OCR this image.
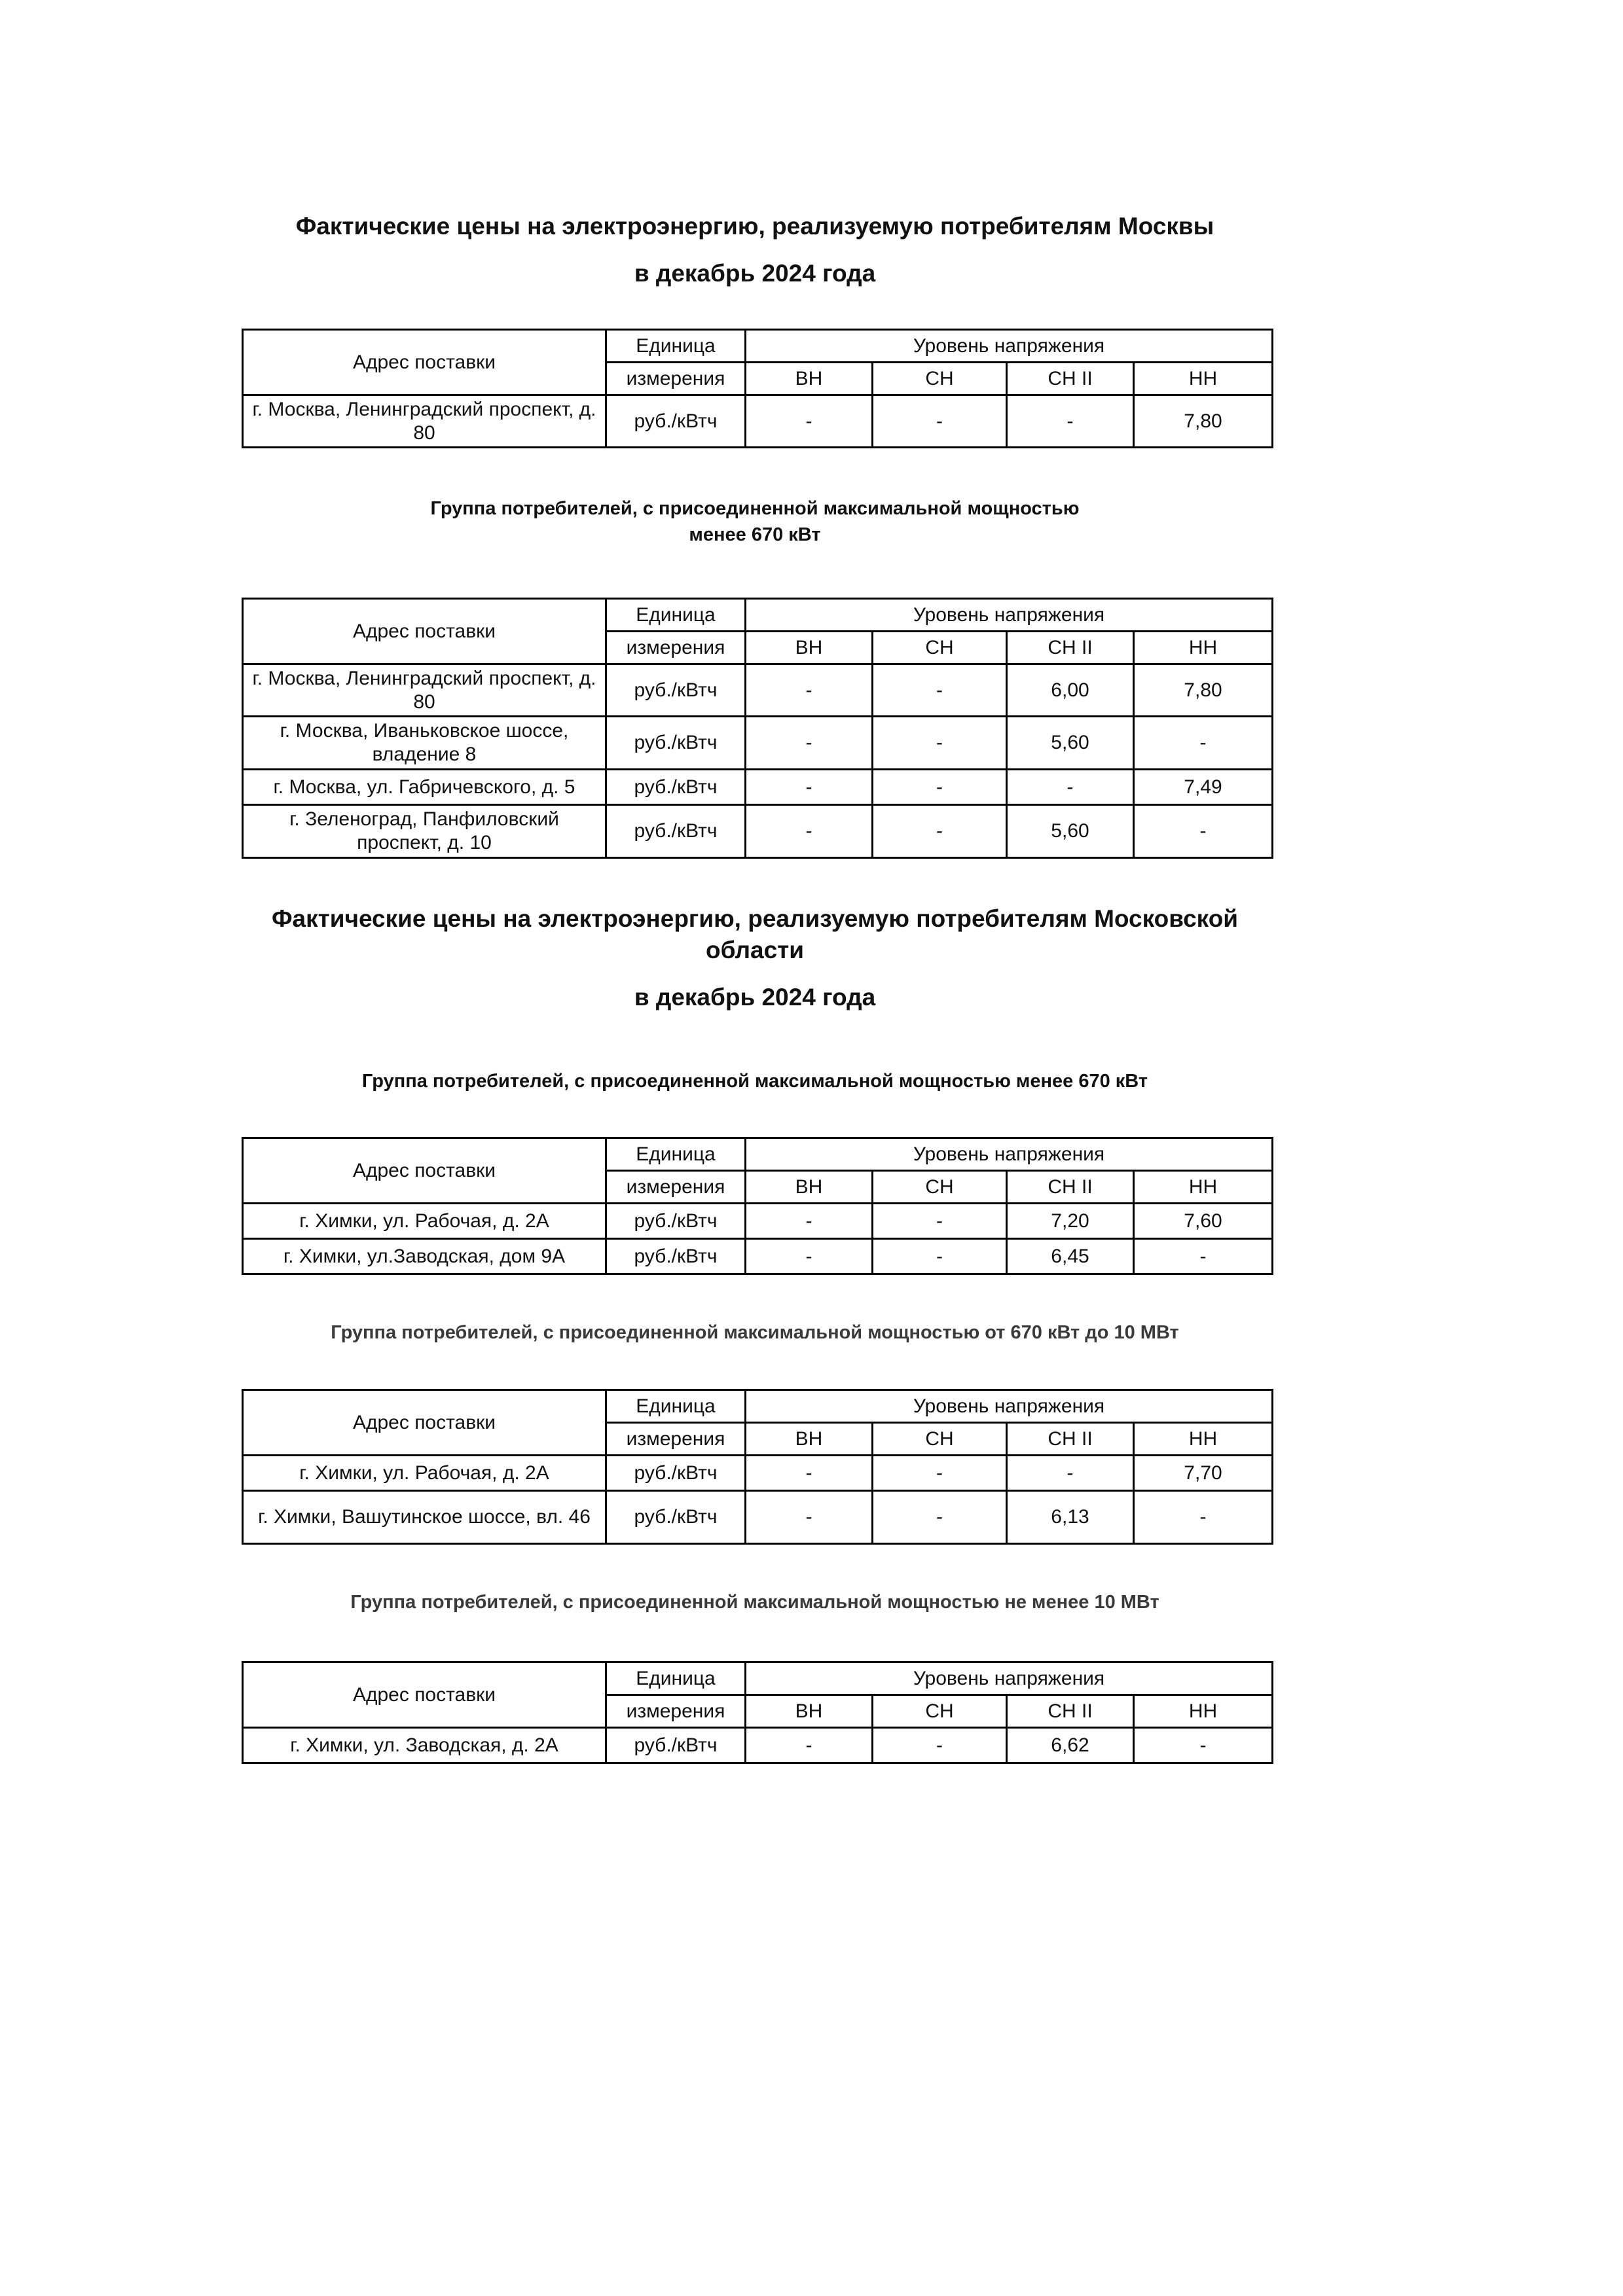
Фактические цены на электроэнергию, реализуемую потребителям Москвы
в декабрь 2024 года
Адрес поставки	Единица	Уровень напряжения			
	измерения	ВН	СН	СН II	НН
г. Москва, Ленинградский проспект, д. 80	руб./кВтч	-	-	-	7,80
Группа потребителей, с присоединенной максимальной мощностью
менее 670 кВт
Адрес поставки	Единица	Уровень напряжения			
	измерения	ВН	СН	СН II	НН
г. Москва, Ленинградский проспект, д. 80	руб./кВтч	-	-	6,00	7,80
г. Москва, Иваньковское шоссе, владение 8	руб./кВтч	-	-	5,60	-
г. Москва, ул. Габричевского, д. 5	руб./кВтч	-	-	-	7,49
г. Зеленоград, Панфиловский проспект, д. 10	руб./кВтч	-	-	5,60	-
Фактические цены на электроэнергию, реализуемую потребителям Московской
области
в декабрь 2024 года
Группа потребителей, с присоединенной максимальной мощностью менее 670 кВт
Адрес поставки	Единица	Уровень напряжения			
	измерения	ВН	СН	СН II	НН
г. Химки, ул. Рабочая, д. 2А	руб./кВтч	-	-	7,20	7,60
г. Химки, ул.Заводская, дом 9А	руб./кВтч	-	-	6,45	-
Группа потребителей, с присоединенной максимальной мощностью от 670 кВт до 10 МВт
Адрес поставки	Единица	Уровень напряжения			
	измерения	ВН	СН	СН II	НН
г. Химки, ул. Рабочая, д. 2А	руб./кВтч	-	-	-	7,70
г. Химки, Вашутинское шоссе, вл. 46	руб./кВтч	-	-	6,13	-
Группа потребителей, с присоединенной максимальной мощностью не менее 10 МВт
Адрес поставки	Единица	Уровень напряжения			
	измерения	ВН	СН	СН II	НН
г. Химки, ул. Заводская, д. 2А	руб./кВтч	-	-	6,62	-
